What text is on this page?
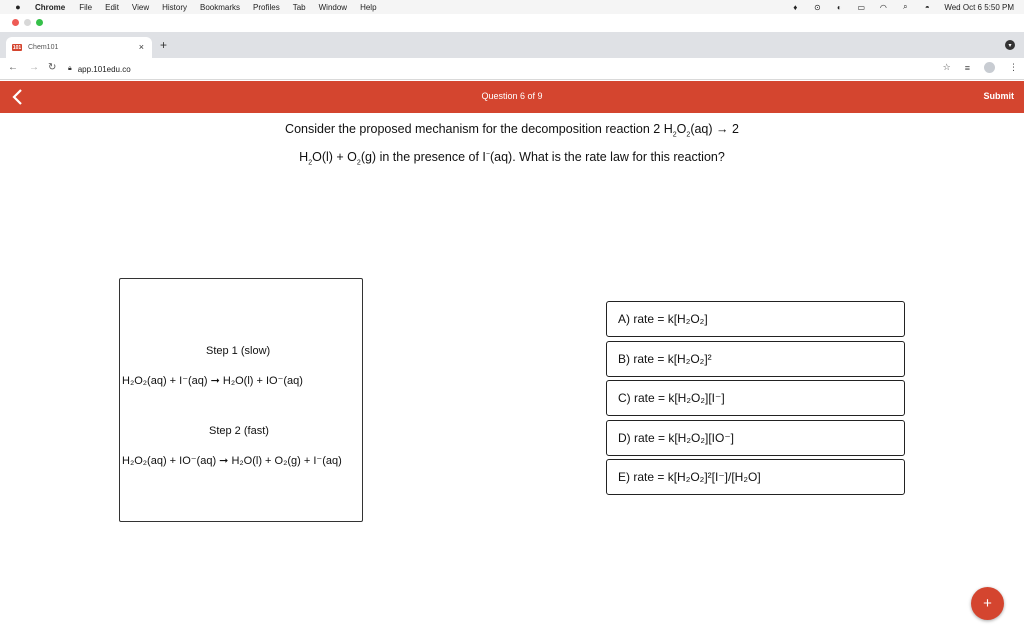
● Chrome File Edit View History Bookmarks Profiles Tab Window Help	♦	⊙	◐	▭ ◠	⌕	◓	Wed Oct 6 5:50 PM
101 Chem101	× +	▾
← → ↻ 🔒︎ app.101edu.co	☆ ≡	⋮
Question 6 of 9	Submit
Consider the proposed mechanism for the decomposition reaction 2 $H_2O_2(aq) \to 2$
$H_2O(l) + O_2(g)$ in the presence of I−(aq). What is the rate law for this reaction?
Step 1 (slow)
H₂O₂(aq) + I⁻(aq) ➞ H₂O(l) + IO⁻(aq)
Step 2 (fast)
H₂O₂(aq) + IO⁻(aq) ➞ H₂O(l) + O₂(g) + I⁻(aq)
A) rate = k[H₂O₂]
B) rate = k[H₂O₂]²
C) rate = k[H₂O₂][I⁻]
D) rate = k[H₂O₂][IO⁻]
E) rate = k[H₂O₂]²[I⁻]/[H₂O]
+
